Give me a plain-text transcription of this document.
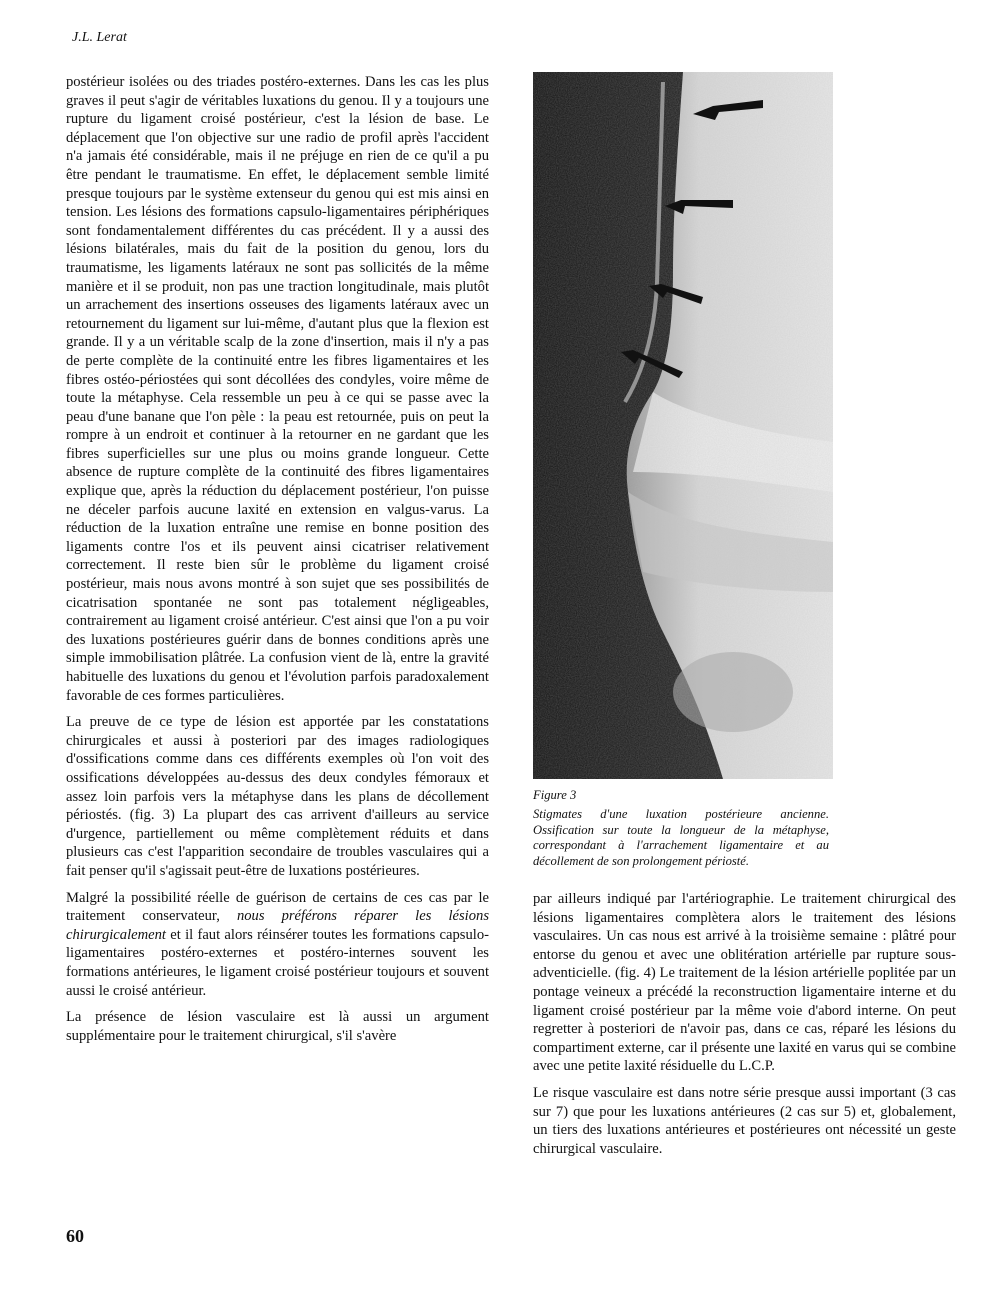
J.L. Lerat

postérieur isolées ou des triades postéro-externes. Dans les cas les plus graves il peut s'agir de véritables luxations du genou. Il y a toujours une rupture du ligament croisé postérieur, c'est la lésion de base. Le déplacement que l'on objective sur une radio de profil après l'accident n'a jamais été considérable, mais il ne préjuge en rien de ce qu'il a pu être pendant le traumatisme. En effet, le déplacement semble limité presque toujours par le système extenseur du genou qui est mis ainsi en tension. Les lésions des formations capsulo-ligamentaires périphériques sont fondamentalement différentes du cas précédent. Il y a aussi des lésions bilatérales, mais du fait de la position du genou, lors du traumatisme, les ligaments latéraux ne sont pas sollicités de la même manière et il se produit, non pas une traction longitudinale, mais plutôt un arrachement des insertions osseuses des ligaments latéraux avec un retournement du ligament sur lui-même, d'autant plus que la flexion est grande. Il y a un véritable scalp de la zone d'insertion, mais il n'y a pas de perte complète de la continuité entre les fibres ligamentaires et les fibres ostéo-périostées qui sont décollées des condyles, voire même de toute la métaphyse. Cela ressemble un peu à ce qui se passe avec la peau d'une banane que l'on pèle : la peau est retournée, puis on peut la rompre à un endroit et continuer à la retourner en ne gardant que les fibres superficielles sur une plus ou moins grande longueur. Cette absence de rupture complète de la continuité des fibres ligamentaires explique que, après la réduction du déplacement postérieur, l'on puisse ne déceler parfois aucune laxité en extension en valgus-varus. La réduction de la luxation entraîne une remise en bonne position des ligaments contre l'os et ils peuvent ainsi cicatriser relativement correctement. Il reste bien sûr le problème du ligament croisé postérieur, mais nous avons montré à son sujet que ses possibilités de cicatrisation spontanée ne sont pas totalement négligeables, contrairement au ligament croisé antérieur. C'est ainsi que l'on a pu voir des luxations postérieures guérir dans de bonnes conditions après une simple immobilisation plâtrée. La confusion vient de là, entre la gravité habituelle des luxations du genou et l'évolution parfois paradoxalement favorable de ces formes particulières.

La preuve de ce type de lésion est apportée par les constatations chirurgicales et aussi à posteriori par des images radiologiques d'ossifications comme dans ces différents exemples où l'on voit des ossifications développées au-dessus des deux condyles fémoraux et assez loin parfois vers la métaphyse dans les plans de décollement périostés. (fig. 3) La plupart des cas arrivent d'ailleurs au service d'urgence, partiellement ou même complètement réduits et dans plusieurs cas c'est l'apparition secondaire de troubles vasculaires qui a fait penser qu'il s'agissait peut-être de luxations postérieures.

Malgré la possibilité réelle de guérison de certains de ces cas par le traitement conservateur, nous préférons réparer les lésions chirurgicalement et il faut alors réinsérer toutes les formations capsulo-ligamentaires postéro-externes et postéro-internes souvent les formations antérieures, le ligament croisé postérieur toujours et souvent aussi le croisé antérieur.

La présence de lésion vasculaire est là aussi un argument supplémentaire pour le traitement chirurgical, s'il s'avère

Figure 3
Stigmates d'une luxation postérieure ancienne. Ossification sur toute la longueur de la métaphyse, correspondant à l'arrachement ligamentaire et au décollement de son prolongement périosté.

par ailleurs indiqué par l'artériographie. Le traitement chirurgical des lésions ligamentaires complètera alors le traitement des lésions vasculaires. Un cas nous est arrivé à la troisième semaine : plâtré pour entorse du genou et avec une oblitération artérielle par rupture sous-adventicielle. (fig. 4) Le traitement de la lésion artérielle poplitée par un pontage veineux a précédé la reconstruction ligamentaire interne et du ligament croisé postérieur par la même voie d'abord interne. On peut regretter à posteriori de n'avoir pas, dans ce cas, réparé les lésions du compartiment externe, car il présente une laxité en varus qui se combine avec une petite laxité résiduelle du L.C.P.

Le risque vasculaire est dans notre série presque aussi important (3 cas sur 7) que pour les luxations antérieures (2 cas sur 5) et, globalement, un tiers des luxations antérieures et postérieures ont nécessité un geste chirurgical vasculaire.

60
